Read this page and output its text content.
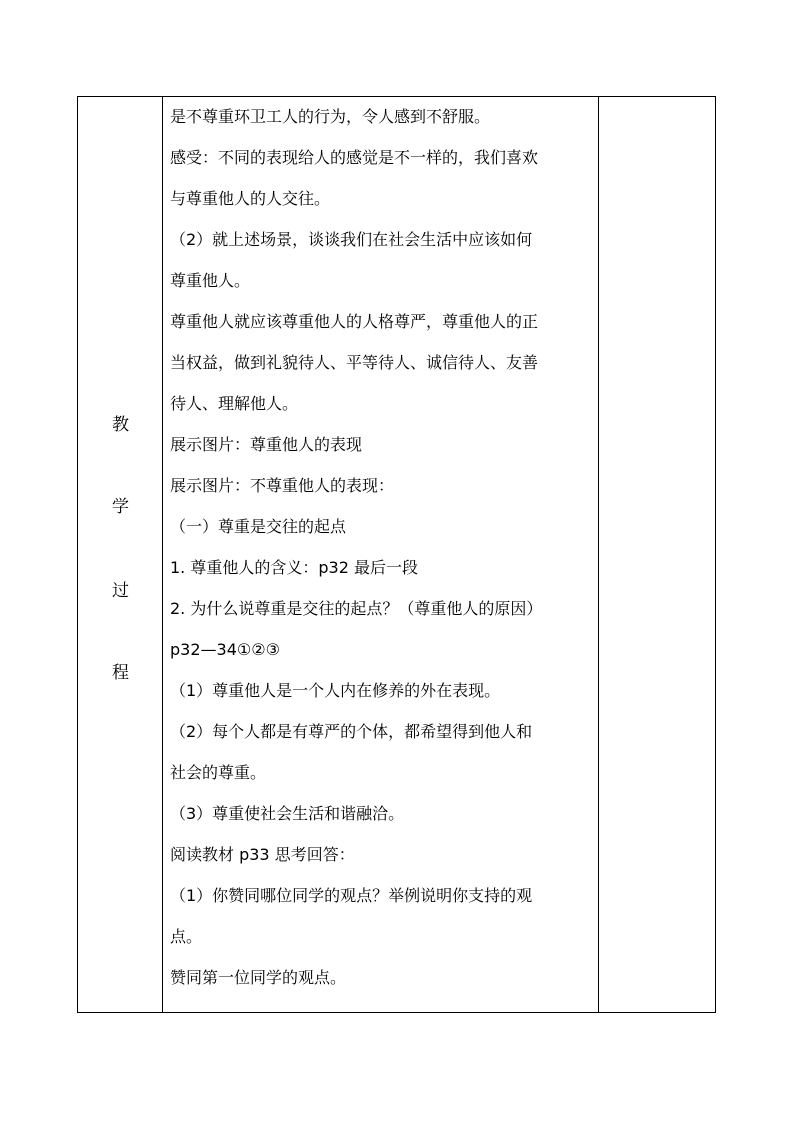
教
学
过
程
是不尊重环卫工人的行为，令人感到不舒服。
感受：不同的表现给人的感觉是不一样的，我们喜欢
与尊重他人的人交往。
（2）就上述场景，谈谈我们在社会生活中应该如何
尊重他人。
尊重他人就应该尊重他人的人格尊严，尊重他人的正
当权益，做到礼貌待人、平等待人、诚信待人、友善
待人、理解他人。
展示图片：尊重他人的表现
展示图片：不尊重他人的表现：
（一）尊重是交往的起点
1. 尊重他人的含义：p32 最后一段
2. 为什么说尊重是交往的起点？（尊重他人的原因）
p32—34①②③
（1）尊重他人是一个人内在修养的外在表现。
（2）每个人都是有尊严的个体，都希望得到他人和
社会的尊重。
（3）尊重使社会生活和谐融洽。
阅读教材 p33 思考回答：
（1）你赞同哪位同学的观点？举例说明你支持的观
点。
赞同第一位同学的观点。
